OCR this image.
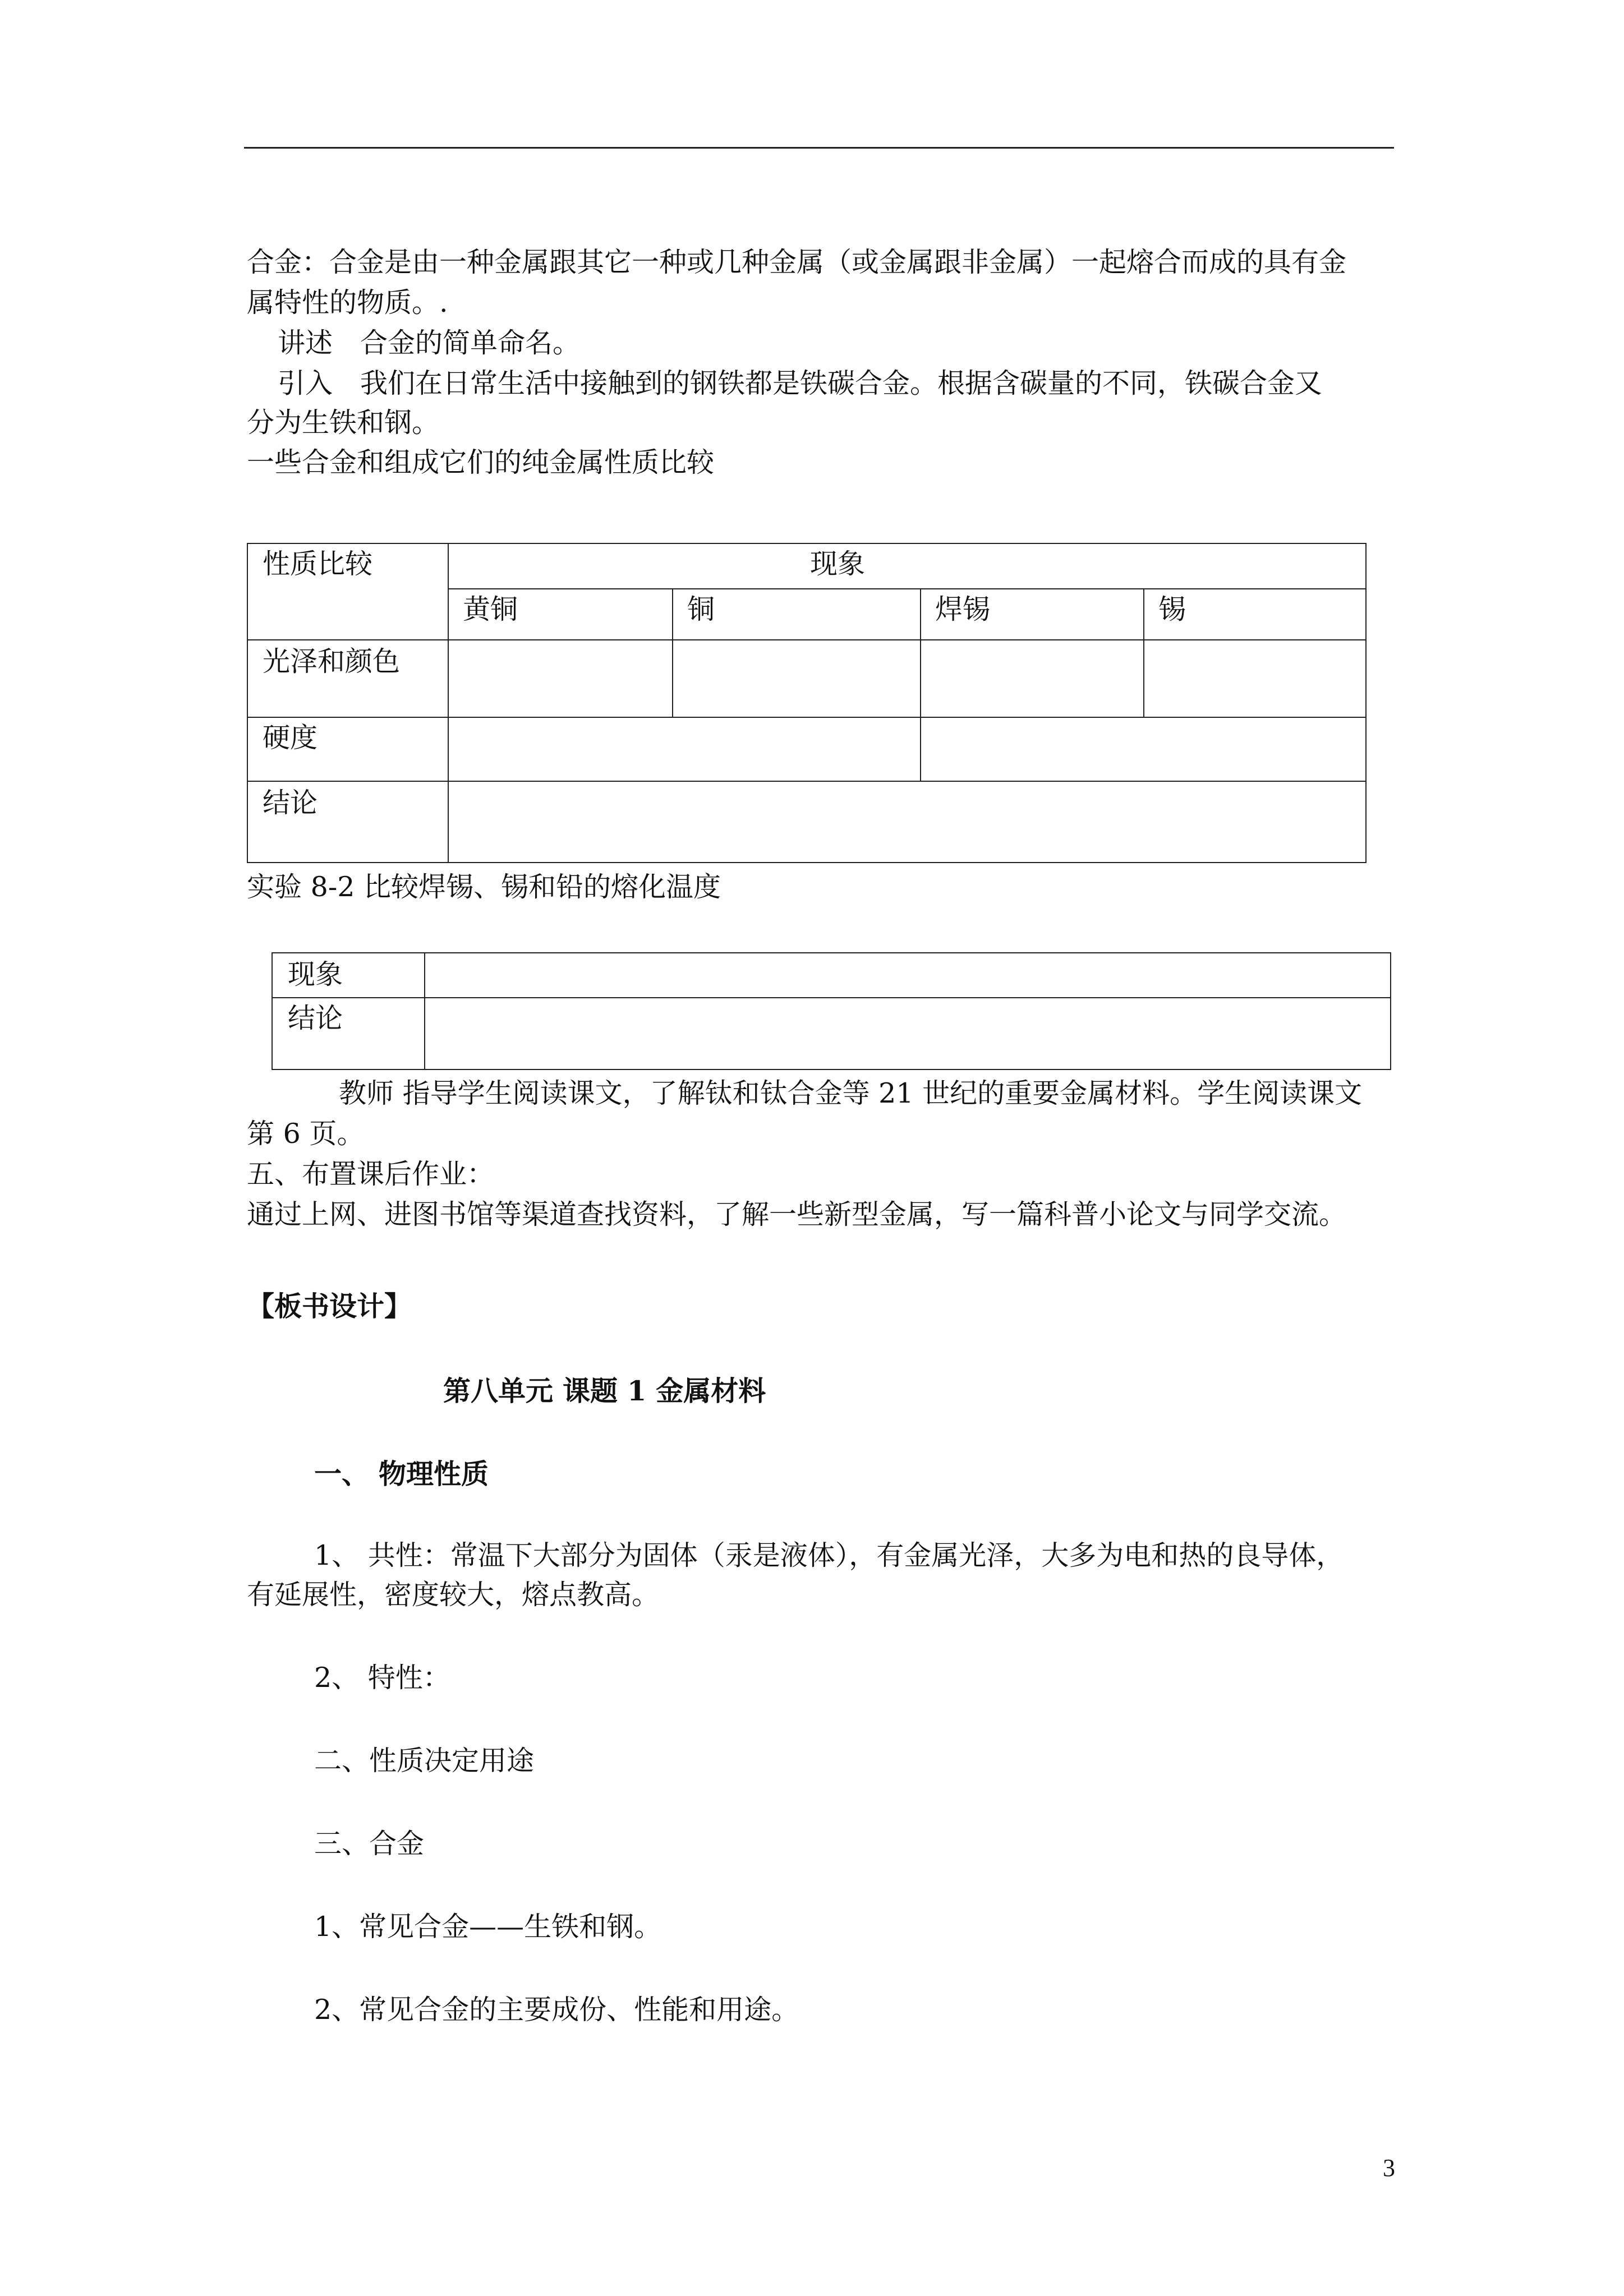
合金：合金是由一种金属跟其它一种或几种金属（或金属跟非金属）一起熔合而成的具有金

属特性的物质。.

讲述　合金的简单命名。

引入　我们在日常生活中接触到的钢铁都是铁碳合金。根据含碳量的不同，铁碳合金又

分为生铁和钢。

一些合金和组成它们的纯金属性质比较

性质比较	现象
黄铜	铜	焊锡	锡
光泽和颜色
硬度
结论

实验 8-2 比较焊锡、锡和铅的熔化温度

现象
结论

教师 指导学生阅读课文，了解钛和钛合金等 21 世纪的重要金属材料。学生阅读课文

第 6 页。

五、布置课后作业：

通过上网、进图书馆等渠道查找资料，了解一些新型金属，写一篇科普小论文与同学交流。

【板书设计】

第八单元 课题 1 金属材料

一、 物理性质

1、 共性：常温下大部分为固体（汞是液体），有金属光泽，大多为电和热的良导体，

有延展性，密度较大，熔点教高。

2、 特性：

二、性质决定用途

三、合金

1、常见合金——生铁和钢。

2、常见合金的主要成份、性能和用途。

3
